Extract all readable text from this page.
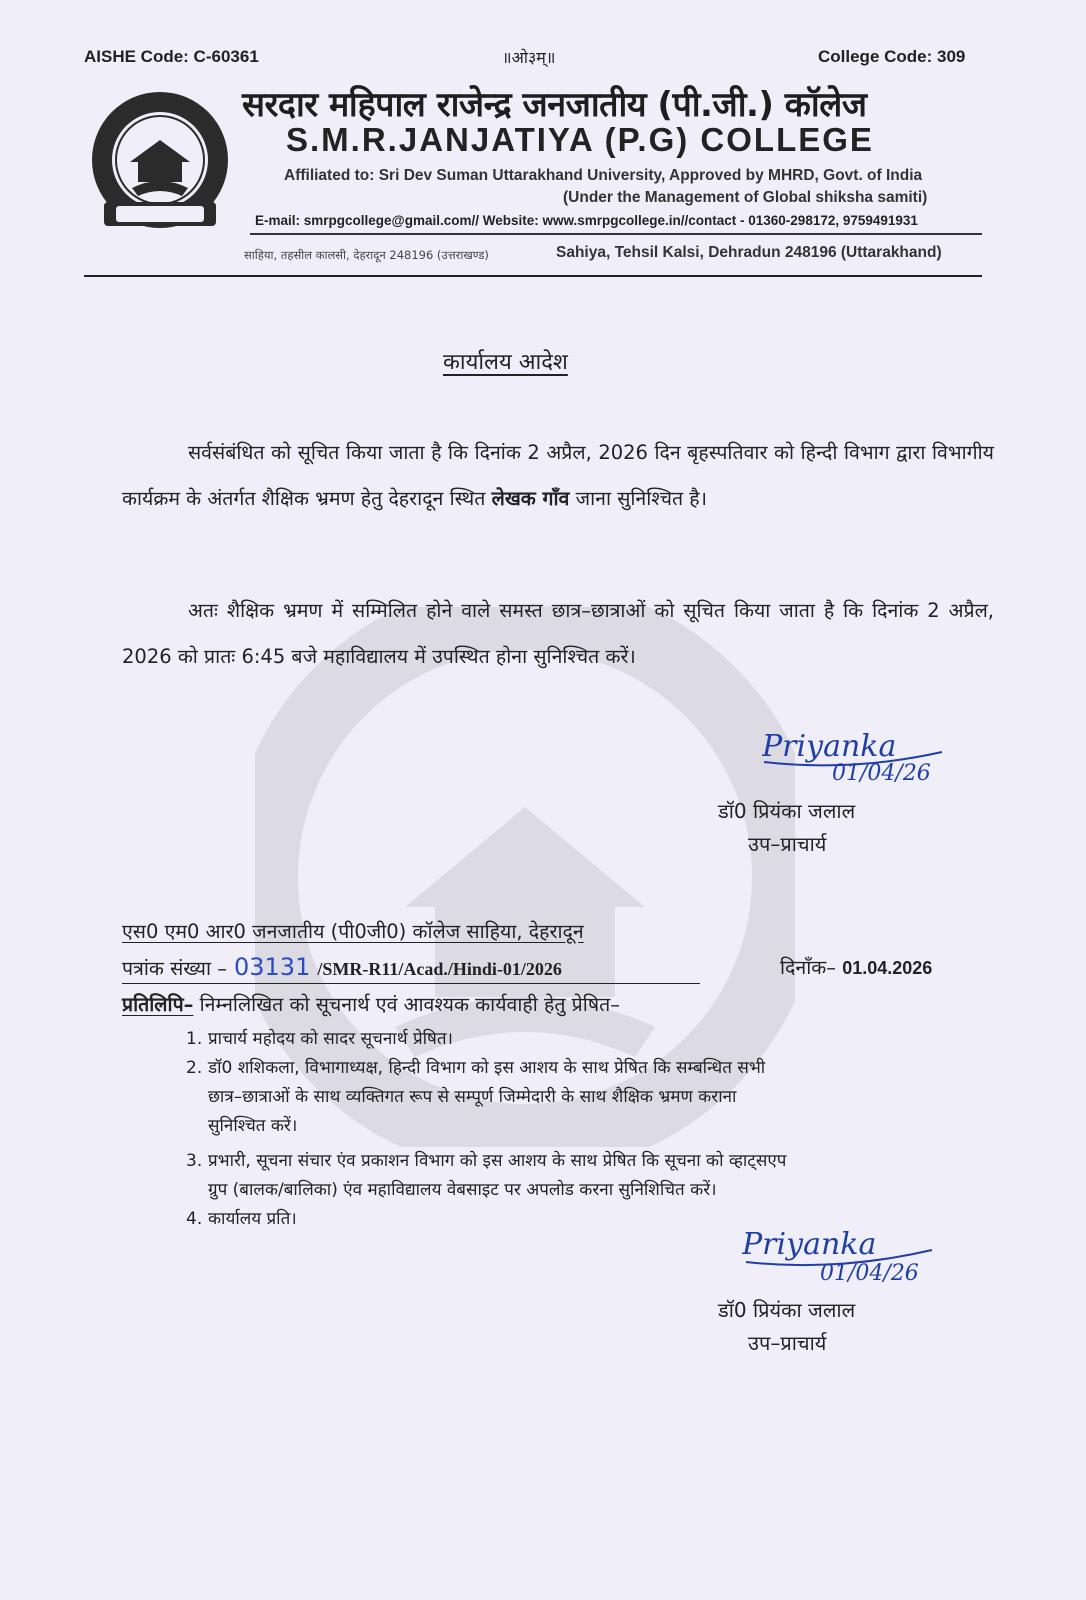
AISHE Code: C-60361	॥ओ३म्॥	College Code: 309
सरदार महिपाल राजेन्द्र जनजातीय (पी.जी.) कॉलेज
S.M.R.JANJATIYA (P.G) COLLEGE
Affiliated to: Sri Dev Suman Uttarakhand University, Approved by MHRD, Govt. of India
(Under the Management of Global shiksha samiti)
E-mail: smrpgcollege@gmail.com// Website: www.smrpgcollege.in//contact - 01360-298172, 9759491931
साहिया, तहसील कालसी, देहरादून 248196 (उत्तराखण्ड)	Sahiya, Tehsil Kalsi, Dehradun 248196 (Uttarakhand)
कार्यालय आदेश
सर्वसंबंधित को सूचित किया जाता है कि दिनांक 2 अप्रैल, 2026 दिन बृहस्पतिवार को हिन्दी विभाग द्वारा विभागीय कार्यक्रम के अंतर्गत शैक्षिक भ्रमण हेतु देहरादून स्थित लेखक गाँव जाना सुनिश्चित है।
अतः शैक्षिक भ्रमण में सम्मिलित होने वाले समस्त छात्र–छात्राओं को सूचित किया जाता है कि दिनांक 2 अप्रैल, 2026 को प्रातः 6:45 बजे महाविद्यालय में उपस्थित होना सुनिश्चित करें।
Priyanka
01/04/26
डॉ0 प्रियंका जलाल
उप–प्राचार्य
एस0 एम0 आर0 जनजातीय (पी0जी0) कॉलेज साहिया, देहरादून
पत्रांक संख्या – 03131 /SMR-R11/Acad./Hindi-01/2026	दिनाँक– 01.04.2026
प्रतिलिपि– निम्नलिखित को सूचनार्थ एवं आवश्यक कार्यवाही हेतु प्रेषित–
1. प्राचार्य महोदय को सादर सूचनार्थ प्रेषित।
2. डॉ0 शशिकला, विभागाध्यक्ष, हिन्दी विभाग को इस आशय के साथ प्रेषित कि सम्बन्धित सभी
छात्र–छात्राओं के साथ व्यक्तिगत रूप से सम्पूर्ण जिम्मेदारी के साथ शैक्षिक भ्रमण कराना
सुनिश्चित करें।
3. प्रभारी, सूचना संचार एंव प्रकाशन विभाग को इस आशय के साथ प्रेषित कि सूचना को व्हाट्सएप
ग्रुप (बालक/बालिका) एंव महाविद्यालय वेबसाइट पर अपलोड करना सुनिशिचित करें।
4. कार्यालय प्रति।
Priyanka
01/04/26
डॉ0 प्रियंका जलाल
उप–प्राचार्य
